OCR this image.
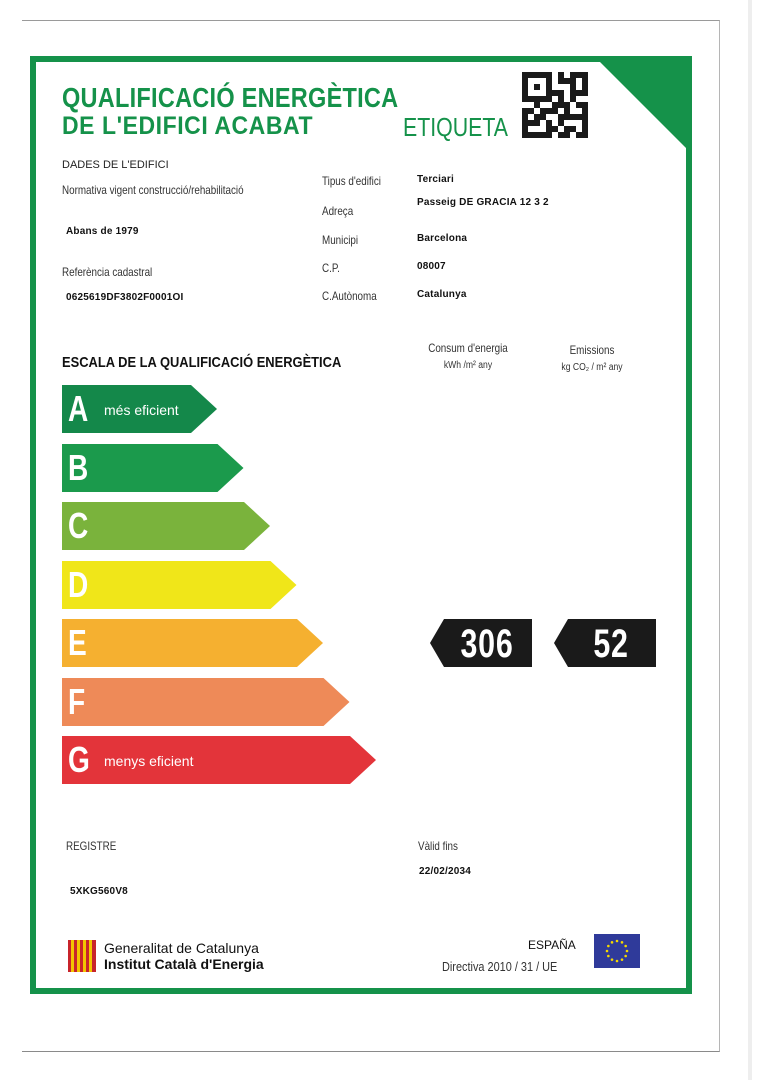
QUALIFICACIÓ ENERGÈTICA
DE L'EDIFICI ACABAT	ETIQUETA
DADES DE L'EDIFICI
Normativa vigent construcció/rehabilitació
Abans de 1979
Referència cadastral
0625619DF3802F0001OI
Tipus d'edifici	Terciari
Adreça
Passeig DE GRACIA 12 3 2
Municipi	Barcelona
C.P.	08007
C.Autònoma	Catalunya
ESCALA DE LA QUALIFICACIÓ ENERGÈTICA
Consum d'energia
kWh /m² any
Emissions
kg CO₂ / m² any
A més eficient
B
C
D
E
F
G menys eficient
306	52
REGISTRE
5XKG560V8
Vàlid fins
22/02/2034
Generalitat de Catalunya
Institut Català d'Energia
ESPAÑA
Directiva 2010 / 31 / UE
